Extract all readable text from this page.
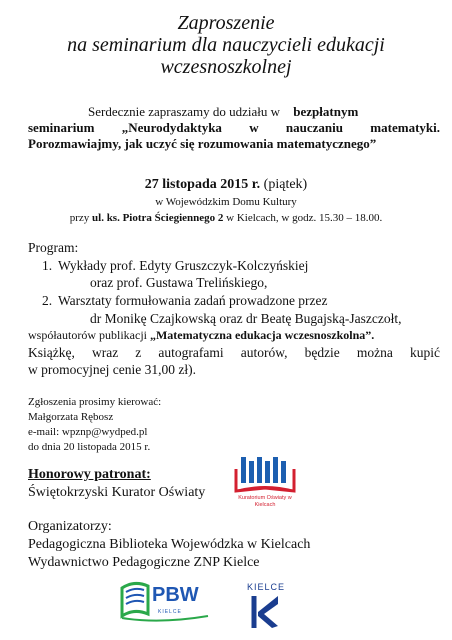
Zaproszenie
na seminarium dla nauczycieli edukacji
wczesnoszkolnej
Serdecznie zapraszamy do udziału w bezpłatnym
seminarium „Neurodydaktyka w nauczaniu matematyki.
Porozmawiajmy, jak uczyć się rozumowania matematycznego”
27 listopada 2015 r. (piątek)
w Wojewódzkim Domu Kultury
przy ul. ks. Piotra Ściegiennego 2 w Kielcach, w godz. 15.30 – 18.00.
Program:
1. Wykłady prof. Edyty Gruszczyk-Kolczyńskiej
oraz prof. Gustawa Trelińskiego,
2. Warsztaty formułowania zadań prowadzone przez
dr Monikę Czajkowską oraz dr Beatę Bugajską-Jaszczołt,
współautorów publikacji „Matematyczna edukacja wczesnoszkolna”.
Książkę, wraz z autografami autorów, będzie można kupić
w promocyjnej cenie 31,00 zł).
Zgłoszenia prosimy kierować:
Małgorzata Rębosz
e-mail: wpznp@wydped.pl
do dnia 20 listopada 2015 r.
Honorowy patronat:
Świętokrzyski Kurator Oświaty	Kuratorium Oświaty w Kielcach
Organizatorzy:
Pedagogiczna Biblioteka Wojewódzka w Kielcach
Wydawnictwo Pedagogiczne ZNP Kielce
PBW
KIELCE
KIELCE
